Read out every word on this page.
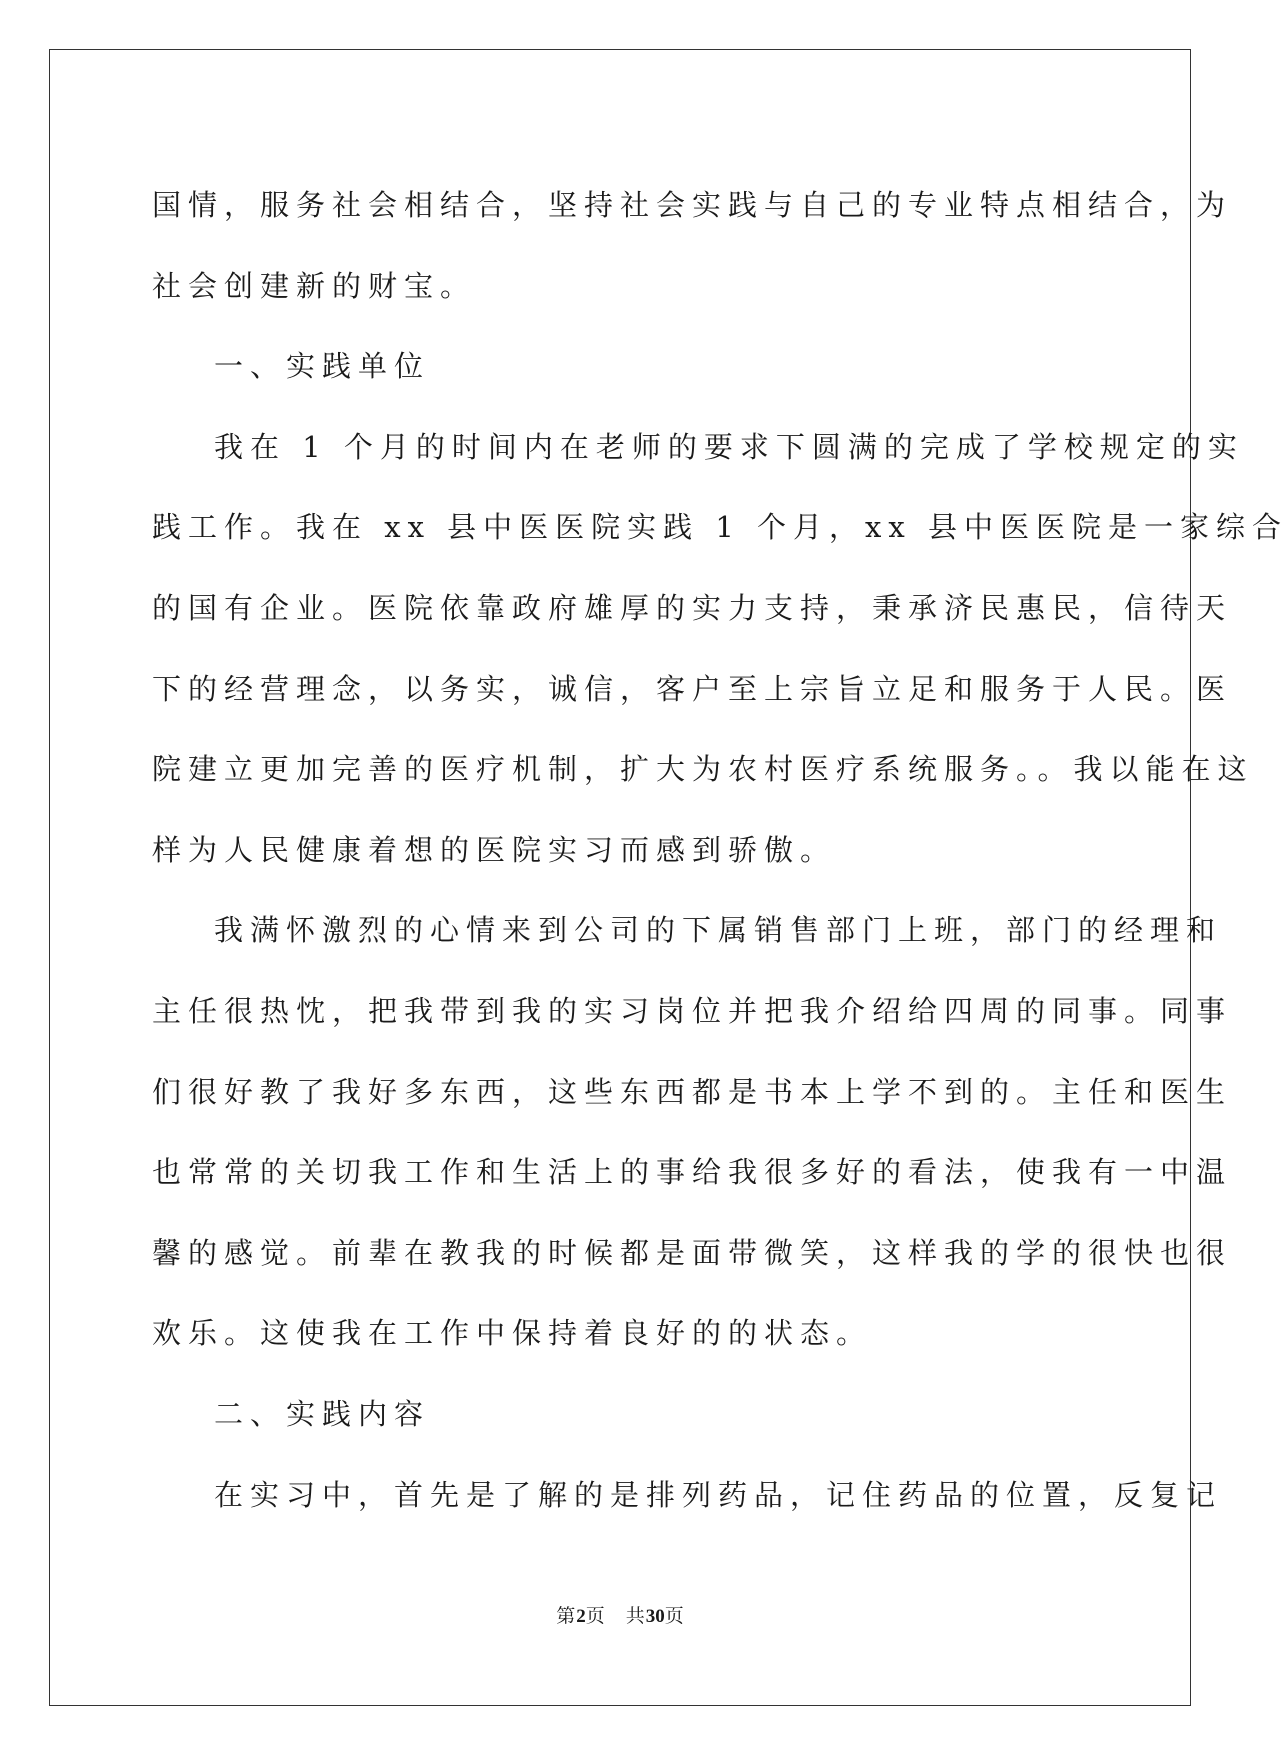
国情，服务社会相结合，坚持社会实践与自己的专业特点相结合，为
社会创建新的财宝。
一、实践单位
我在 1 个月的时间内在老师的要求下圆满的完成了学校规定的实
践工作。我在 xx 县中医医院实践 1 个月，xx 县中医医院是一家综合
的国有企业。医院依靠政府雄厚的实力支持，秉承济民惠民，信待天
下的经营理念，以务实，诚信，客户至上宗旨立足和服务于人民。医
院建立更加完善的医疗机制，扩大为农村医疗系统服务。。我以能在这
样为人民健康着想的医院实习而感到骄傲。
我满怀激烈的心情来到公司的下属销售部门上班，部门的经理和
主任很热忱，把我带到我的实习岗位并把我介绍给四周的同事。同事
们很好教了我好多东西，这些东西都是书本上学不到的。主任和医生
也常常的关切我工作和生活上的事给我很多好的看法，使我有一中温
馨的感觉。前辈在教我的时候都是面带微笑，这样我的学的很快也很
欢乐。这使我在工作中保持着良好的的状态。
二、实践内容
在实习中，首先是了解的是排列药品，记住药品的位置，反复记
第2页 共30页
